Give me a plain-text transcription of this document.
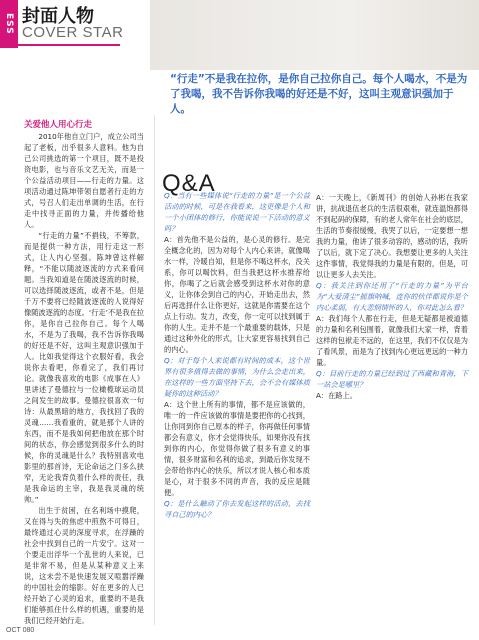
ESS 封面人物
COVER STAR
“行走”不是我在拉你，是你自己拉你自己。每个人喝水，不是为了我喝，我不告诉你我喝的好还是不好，这叫主观意识强加于人。

关爱他人用心行走

2010年他自立门户，成立公司当起了老板，出乎很多人意料。他为自己公司挑选的第一个项目，既不是投资电影，也与音乐文艺无关，而是一个公益活动项目——行走的力量。这项活动通过陈坤带领自愿者行走的方式，号召人们走出单调的生活，在行走中找寻正面的力量，并传播给他人。

“行走的力量”不捐钱，不筹款，而是提供一种方法，用行走这一形式，让人内心坚强。陈坤曾这样解释，“不能以随波逐流的方式来看问题。当我知道是在随波逐流的时候，可以选择随波逐流，或者不是，但是千万不要将已经随波逐流的人说得好像随波逐流的态度。‘行走’不是我在拉你，是你自己拉你自己。每个人喝水，不是为了我喝，我不告诉你我喝的好还是不好，这叫主观意识强加于人。比如我觉得这个衣服好看，我会说你去看吧，你看完了，我们再讨论。就像我喜欢的电影《成事在人》里讲述了曼德拉与一位橄榄球运动员之间发生的故事。曼德拉很喜欢一句诗：从最黑暗的地方，我找回了我的灵魂……我看重的，就是那个人讲的东西，而不是我如何把他放在那个时间的状态，你会感觉到很多什么的时候，你的灵魂是什么？我特别喜欢电影里的那首诗，无论命运之门多么狭窄，无论我背负着什么样的责任，我是我命运的主宰，我是我灵魂的统帅。”

出生于贫困，在名利场中摸爬，又在得与失的焦虑中煎熬不可得日，最终通过心灵的深度寻求，在浮躁的社会中找到自己的一片安宁。这对一个要走出浮华一个乱世的人来说，已是非常不易，但是从某种意义上来说，这未尝不是快速发展又喧嚣浮躁的中国社会的缩影。好在更多的人已经开始了心灵的追求，重要的不是我们能够抓住什么样的机遇，重要的是我们已经开始行走。

Q&A

Q：当有一些媒体说“行走的力量”是一个公益活动的时候，可是在我看来，这更像是个人和一个小团体的修行，你能说说一下活动的意义吗？

A：首先他不是公益的，是心灵的修行。是完全概念化的，因为对每个人内心来讲，就像喝水一样，冷暖自知，但是你不喝这杯水，没关系，你可以喝饮料，但当我把这杯水推荐给你，你喝了之后就会感受到这杯水对你的意义，让你体会到自己的内心，开始走出去，然后再选择什么让你更好，这就是你需要在这个点上行动。发力，改变，你一定可以找到属于你的人生。走并不是一个最重要的载体，只是通过这种外化的形式，让大家更容易找到自己的内心。

Q：对于每个人来说都有时间的成本，这个世界有很多值得去做的事情，为什么会走出来，在这样的一些方面坚持下去，会不会有媒体质疑你的这种活动？

A：这个世上所有的事情，都不是应该做的，唯一的一件应该做的事情是要把你的心找到，让你同到你自己原本的样子，你再做任何事情都会有意义，你才会觉得快乐，如果你没有找到你的内心，你觉得你做了很多有意义的事情，很多财富和名利的追求，到最后你发现不会带给你内心的快乐，所以才说人核心和本质是心，对于很多不同的声音，我的反应是随便。

Q：是什么触动了你去发起这样的活动，去找寻自己的内心？

A：一天晚上，《新周刊》的创始人孙彬在我家讲，抗战退伍老兵的生活很艰难，就连温饱都得不到起码的保障，有的老人常年在社会的底层，生活的节奏很缓慢，我哭了以后，一定要想一想我的力量，他讲了很多动容的，感动的话，我听了以后，就下定了决心。我想要让更多的人关注这件事情，我觉得我的力量是有限的，但是，可以让更多人去关注。

Q：我关注到你还用了“行走的力量”为平台为“大爱清尘”摇旗呐喊，连你的伙伴都说你是个内心柔弱，有大悲悯情怀的人，你对此怎么看？

A：我们每个人都在行走，但是无疑都是被道德的力量和名利包围着，就像我们大家一样，背着这样的包袱走不远的，在这里，我们不仅仅是为了看风景，而是为了找到内心更远更远的一种力量。

Q：目前行走的力量已经到过了西藏和青海，下一站会是哪里？

A：在路上。

OCT 080
